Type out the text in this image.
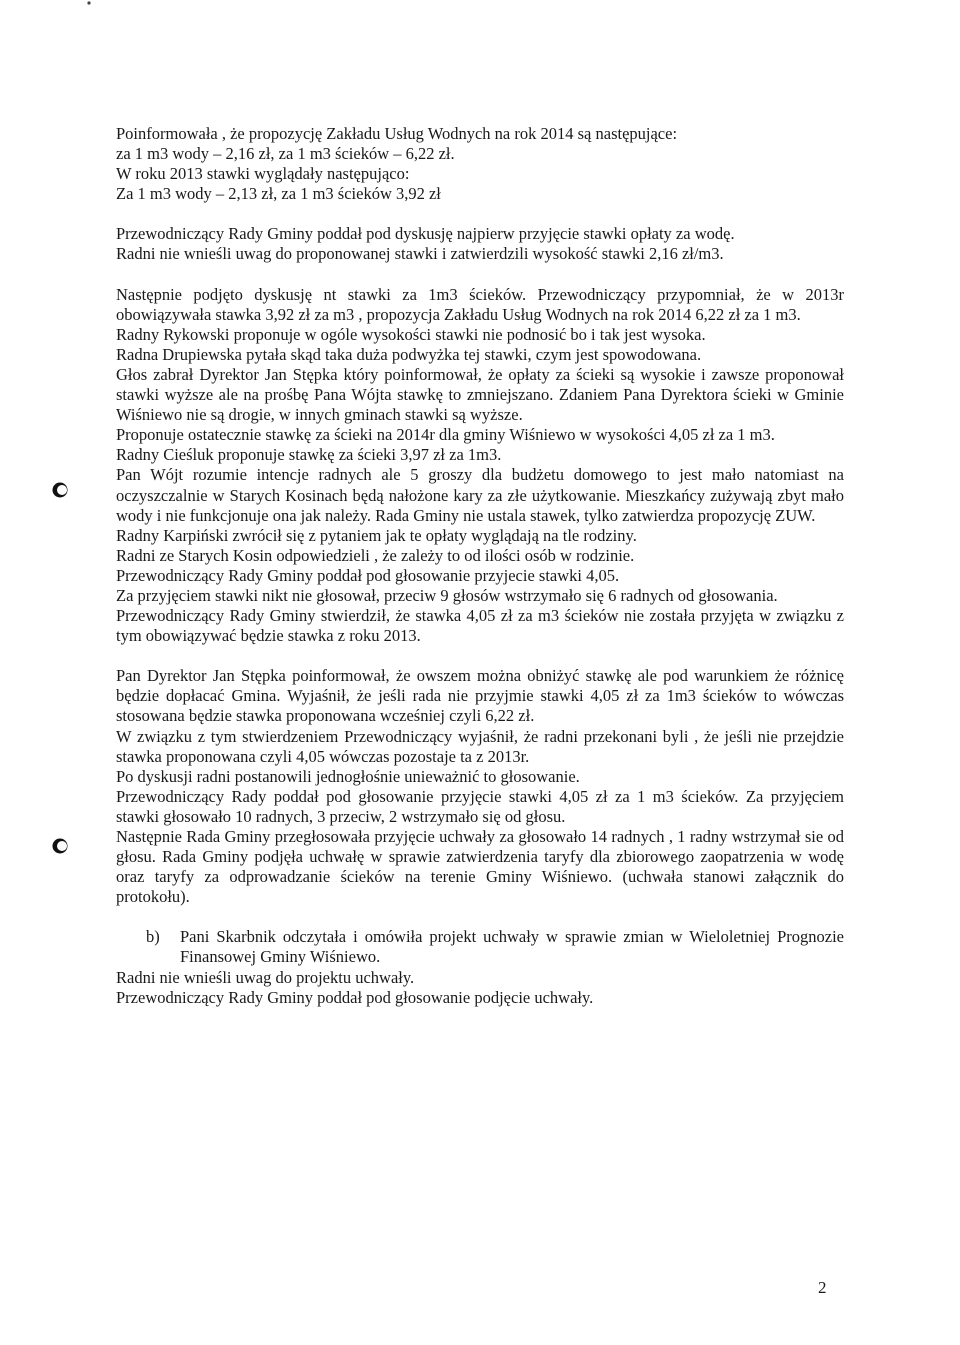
Poinformowała , że propozycję Zakładu Usług Wodnych na rok 2014 są następujące:

za 1 m3 wody – 2,16 zł, za 1 m3 ścieków – 6,22 zł.

W roku 2013 stawki wyglądały następująco:

Za 1 m3 wody – 2,13 zł, za 1 m3 ścieków 3,92 zł

Przewodniczący Rady Gminy poddał pod dyskusję najpierw przyjęcie stawki opłaty za wodę.

Radni nie wnieśli uwag do proponowanej stawki i zatwierdzili wysokość stawki 2,16 zł/m3.

Następnie podjęto dyskusję nt stawki za 1m3 ścieków. Przewodniczący przypomniał, że w 2013r obowiązywała stawka 3,92 zł za m3 , propozycja Zakładu Usług Wodnych na rok 2014 6,22 zł za 1 m3.

Radny Rykowski proponuje w ogóle wysokości stawki nie podnosić bo i tak jest wysoka.

Radna Drupiewska pytała skąd taka duża podwyżka tej stawki, czym jest spowodowana.

Głos zabrał Dyrektor Jan Stępka który poinformował, że opłaty za ścieki są wysokie i zawsze proponował stawki wyższe ale na prośbę Pana Wójta stawkę to zmniejszano. Zdaniem Pana Dyrektora ścieki w Gminie Wiśniewo nie są drogie, w innych gminach stawki są wyższe.

Proponuje ostatecznie stawkę za ścieki na 2014r dla gminy Wiśniewo w wysokości 4,05 zł za 1 m3.

Radny Cieśluk proponuje stawkę za ścieki 3,97 zł za 1m3.

Pan Wójt rozumie intencje radnych ale 5 groszy dla budżetu domowego to jest mało natomiast na oczyszczalnie w Starych Kosinach będą nałożone kary za złe użytkowanie. Mieszkańcy zużywają zbyt mało wody i nie funkcjonuje ona jak należy. Rada Gminy nie ustala stawek, tylko zatwierdza propozycję ZUW.

Radny Karpiński zwrócił się z pytaniem jak te opłaty wyglądają na tle rodziny.

Radni ze Starych Kosin odpowiedzieli , że zależy to od ilości osób w rodzinie.

Przewodniczący Rady Gminy poddał pod głosowanie przyjecie stawki 4,05.

Za przyjęciem stawki nikt nie głosował, przeciw 9 głosów wstrzymało się 6 radnych od głosowania.

Przewodniczący Rady Gminy stwierdził, że stawka 4,05 zł za m3 ścieków nie została przyjęta w związku z tym obowiązywać będzie stawka z roku 2013.

Pan Dyrektor Jan Stępka poinformował, że owszem można obniżyć stawkę ale pod warunkiem że różnicę będzie dopłacać Gmina. Wyjaśnił, że jeśli rada nie przyjmie stawki 4,05 zł za 1m3 ścieków to wówczas stosowana będzie stawka proponowana wcześniej czyli 6,22 zł.

W związku z tym stwierdzeniem Przewodniczący wyjaśnił, że radni przekonani byli , że jeśli nie przejdzie stawka proponowana czyli 4,05 wówczas pozostaje ta z 2013r.

Po dyskusji radni postanowili jednogłośnie unieważnić to głosowanie.

Przewodniczący Rady poddał pod głosowanie przyjęcie stawki 4,05 zł za 1 m3 ścieków. Za przyjęciem stawki głosowało 10 radnych, 3 przeciw, 2 wstrzymało się od głosu.

Następnie Rada Gminy przegłosowała przyjęcie uchwały za głosowało 14 radnych , 1 radny wstrzymał sie od głosu. Rada Gminy podjęła uchwałę w sprawie zatwierdzenia taryfy dla zbiorowego zaopatrzenia w wodę oraz taryfy za odprowadzanie ścieków na terenie Gminy Wiśniewo. (uchwała stanowi załącznik do protokołu).

b)	Pani Skarbnik odczytała i omówiła projekt uchwały w sprawie zmian w Wieloletniej Prognozie Finansowej Gminy Wiśniewo.

Radni nie wnieśli uwag do projektu uchwały.

Przewodniczący Rady Gminy poddał pod głosowanie podjęcie uchwały.

2
